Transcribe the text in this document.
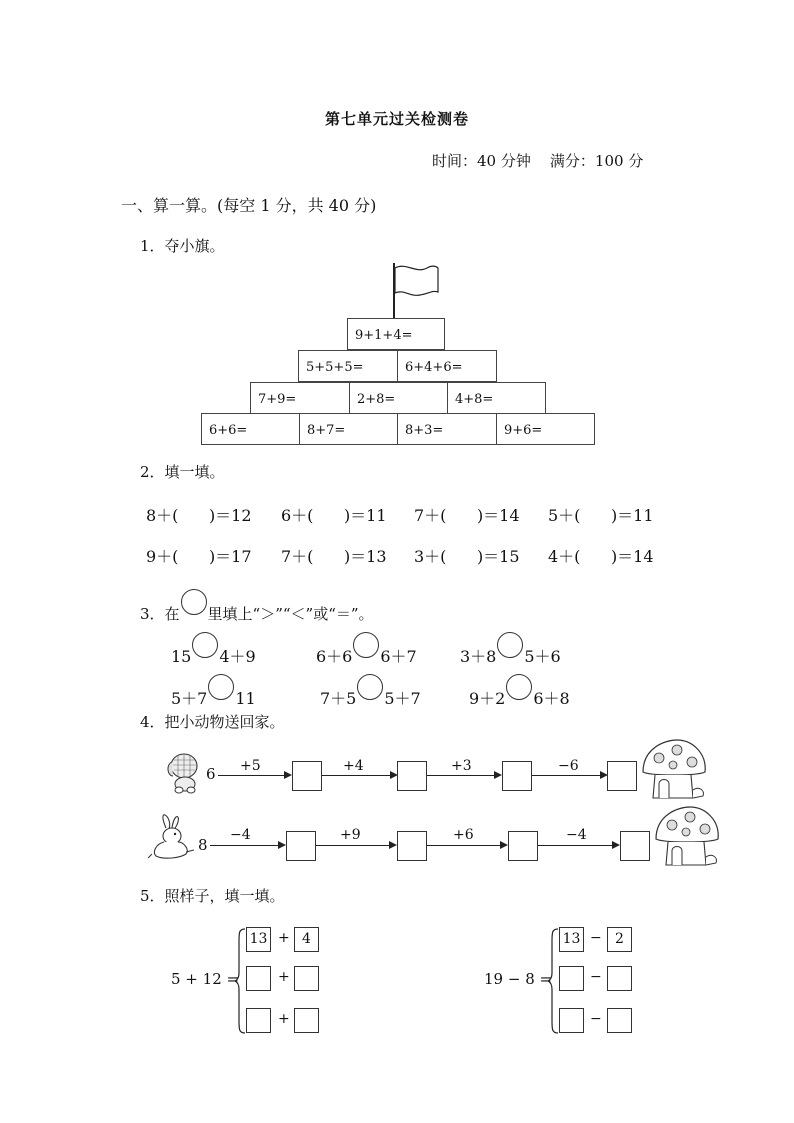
第七单元过关检测卷
时间：40 分钟    满分：100 分
一、算一算。(每空 1 分，共 40 分)
1．夺小旗。
9+1+4=
5+5+5=	6+4+6=
7+9=	2+8=	4+8=
6+6=	8+7=	8+3=	9+6=
2．填一填。
8＋(      )＝12 6＋(      )＝11 7＋(      )＝14 5＋(      )＝11
9＋(      )＝17 7＋(      )＝13 3＋(      )＝15 4＋(      )＝14
3．在 里填上“＞”“＜”或“＝”。
15 4＋9	6＋6 6＋7	3＋8 5＋6
5＋7 11	7＋5 5＋7	9＋2 6＋8
4．把小动物送回家。
6 +5	+4	+3	−6
8
−4	+9	+6	−4
5．照样子，填一填。
5 + 12 =
13 + 4
+
+
19 − 8 =
13 − 2
−
−
